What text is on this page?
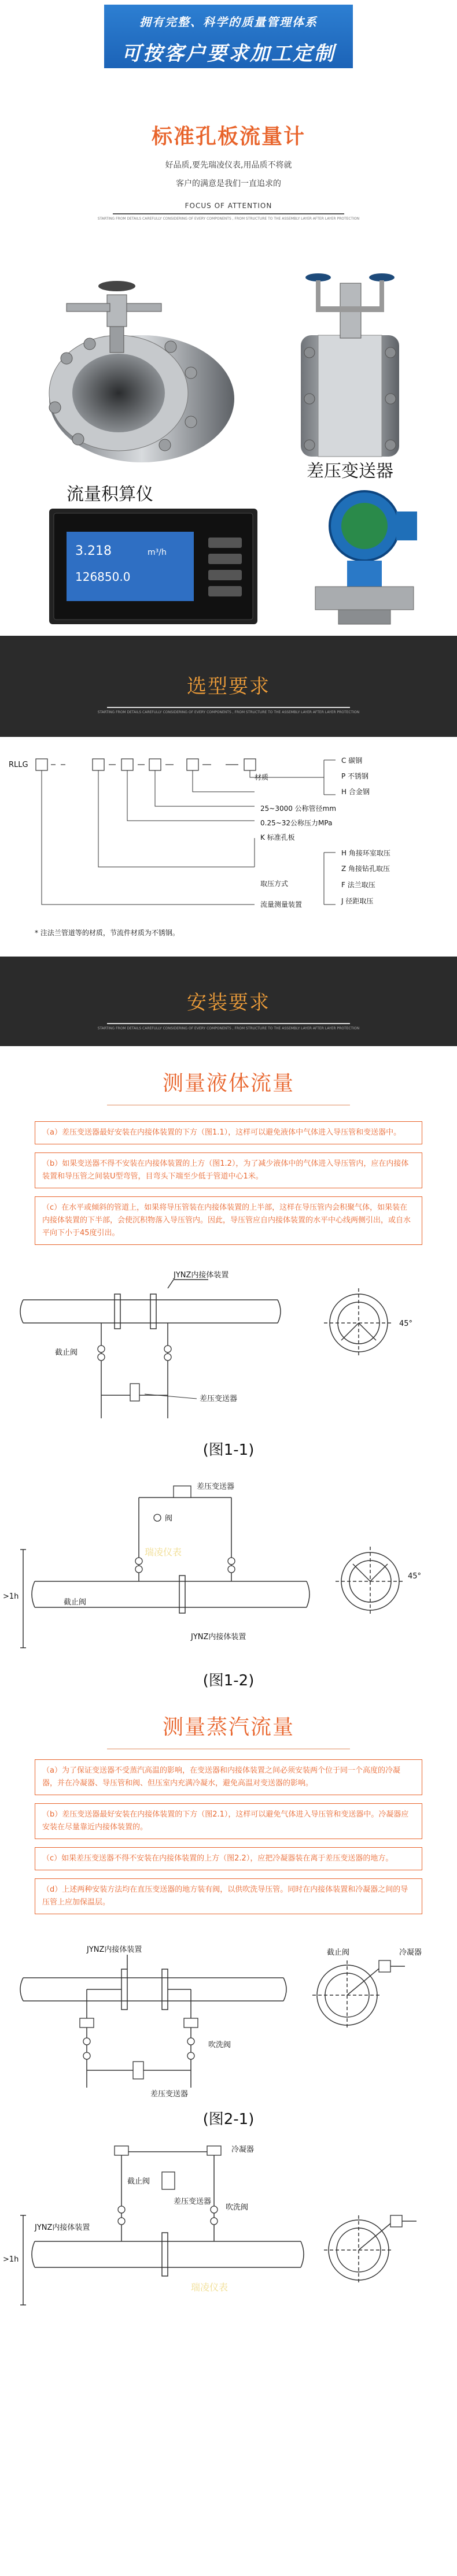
拥有完整、科学的质量管理体系
可按客户要求加工定制
标准孔板流量计
好品质,要先瑞凌仪表,用品质不将就
客户的满意是我们一直追求的
FOCUS OF ATTENTION
STARTING FROM DETAILS CAREFULLY CONSIDERING OF EVERY COMPONENTS , FROM STRUCTURE TO THE ASSEMBLY LAYER AFTER LAYER PROTECTION
流量积算仪
差压变送器
3.218	m³/h
126850.0
选型要求
STARTING FROM DETAILS CAREFULLY CONSIDERING OF EVERY COMPONENTS , FROM STRUCTURE TO THE ASSEMBLY LAYER AFTER LAYER PROTECTION
RLLG
材质
C 碳钢
P 不锈钢
H 合金钢
25~3000 公称管径mm
0.25~32公称压力MPa
K 标准孔板
取压方式
H 角接环室取压
Z 角接钻孔取压
F 法兰取压
J 径距取压
流量测量装置
* 注法兰管道等的材质，节流件材质为不锈钢。
安装要求
STARTING FROM DETAILS CAREFULLY CONSIDERING OF EVERY COMPONENTS , FROM STRUCTURE TO THE ASSEMBLY LAYER AFTER LAYER PROTECTION
测量液体流量
（a）差压变送器最好安装在内接体装置的下方（图1.1），这样可以避免液体中气体进入导压管和变送器中。
（b）如果变送器不得不安装在内接体装置的上方（图1.2），为了减少液体中的气体进入导压管内，应在内接体装置和导压管之间装U型弯管，目弯头下端至少低于管道中心1米。
（c）在水平或倾斜的管道上，如果将导压管装在内接体装置的上半部，这样在导压管内会积聚气体，如果装在内接体装置的下半部，会使沉积物落入导压管内。因此，导压管应自内接体装置的水平中心线两侧引出，或自水平向下小于45度引出。
JYNZ内接体装置
截止阀
差压变送器
45°
(图1-1)
差压变送器
阀
截止阀
JYNZ内接体装置
>1h
瑞凌仪表
45°
(图1-2)
测量蒸汽流量
（a）为了保证变送器不受蒸汽高温的影响，在变送器和内接体装置之间必须安装两个位于同一个高度的冷凝器，并在冷凝器、导压管和阀、但压室内充满冷凝水，避免高温对变送器的影响。
（b）差压变送器最好安装在内接体装置的下方（图2.1），这样可以避免气体进入导压管和变送器中。冷凝器应安装在尽量靠近内接体装置的。
（c）如果差压变送器不得不安装在内接体装置的上方（图2.2），应把冷凝器装在离于差压变送器的地方。
（d）上述两种安装方法均在直压变送器的地方装有阀，以供吹洗导压管。同时在内接体装置和冷凝器之间的导压管上应加保温层。
JYNZ内接体装置
吹洗阀
差压变送器
截止阀	冷凝器
(图2-1)
冷凝器
截止阀
吹洗阀
JYNZ内接体装置
差压变送器
>1h
瑞凌仪表
